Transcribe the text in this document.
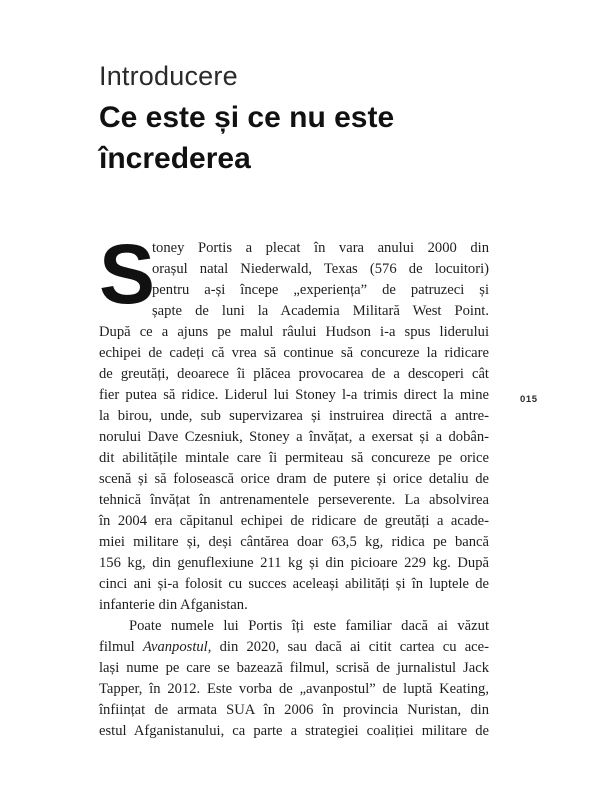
Introducere
Ce este și ce nu este
încrederea
S
015
toney Portis a plecat în vara anului 2000 din
orașul natal Niederwald, Texas (576 de locuitori)
pentru a-și începe „experiența” de patruzeci și
șapte de luni la Academia Militară West Point.
După ce a ajuns pe malul râului Hudson i-a spus liderului
echipei de cadeți că vrea să continue să concureze la ridicare
de greutăți, deoarece îi plăcea provocarea de a descoperi cât
fier putea să ridice. Liderul lui Stoney l-a trimis direct la mine
la birou, unde, sub supervizarea și instruirea directă a antre-
norului Dave Czesniuk, Stoney a învățat, a exersat și a dobân-
dit abilitățile mintale care îi permiteau să concureze pe orice
scenă și să folosească orice dram de putere și orice detaliu de
tehnică învățat în antrenamentele perseverente. La absolvirea
în 2004 era căpitanul echipei de ridicare de greutăți a acade-
miei militare și, deși cântărea doar 63,5 kg, ridica pe bancă
156 kg, din genuflexiune 211 kg și din picioare 229 kg. După
cinci ani și-a folosit cu succes aceleași abilități și în luptele de
infanterie din Afganistan.
Poate numele lui Portis îți este familiar dacă ai văzut
filmul Avanpostul, din 2020, sau dacă ai citit cartea cu ace-
lași nume pe care se bazează filmul, scrisă de jurnalistul Jack
Tapper, în 2012. Este vorba de „avanpostul” de luptă Keating,
înființat de armata SUA în 2006 în provincia Nuristan, din
estul Afganistanului, ca parte a strategiei coaliției militare de
